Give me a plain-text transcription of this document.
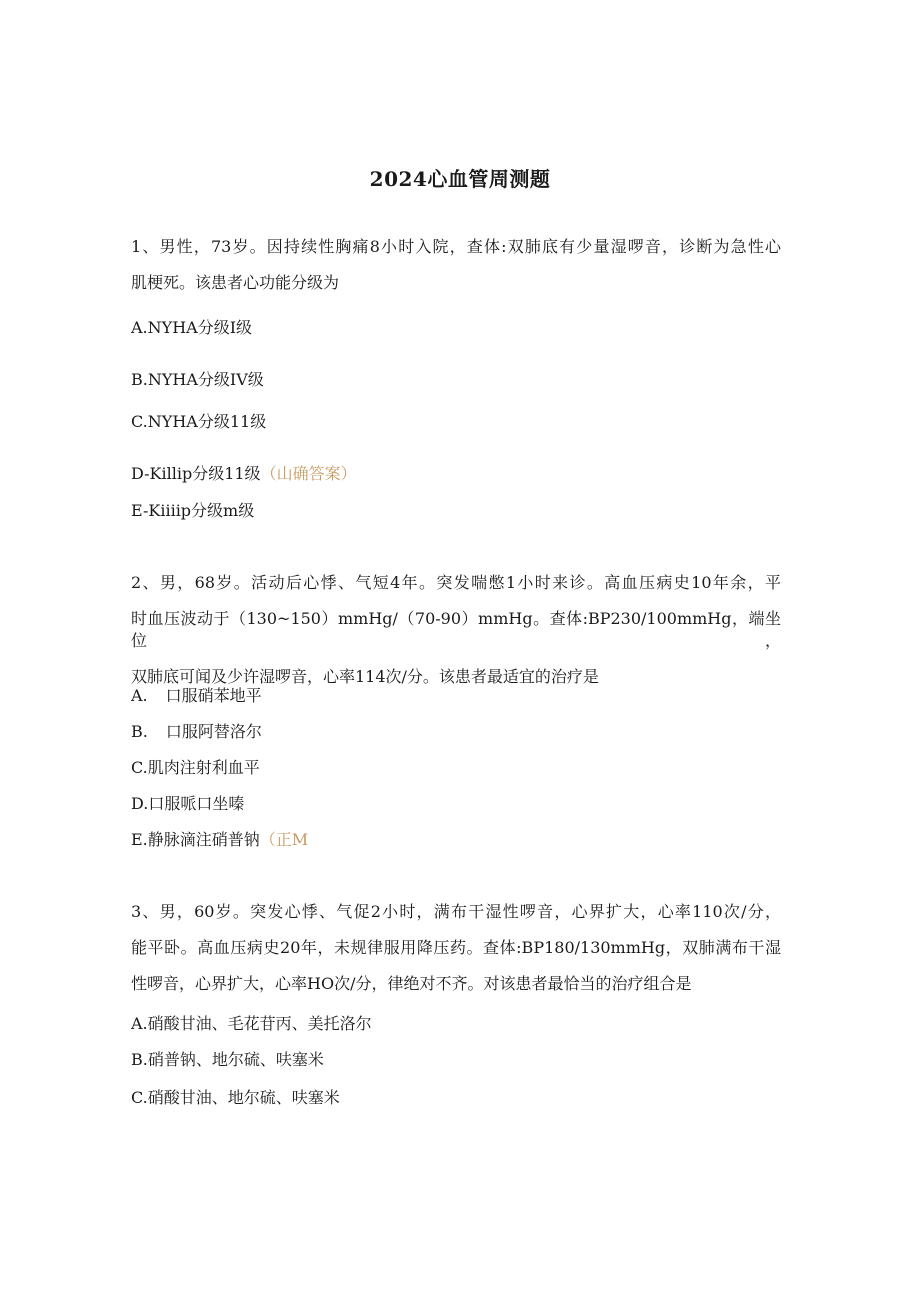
2024心血管周测题
1、男性，73岁。因持续性胸痛8小时入院，查体:双肺底有少量湿啰音，诊断为急性心
肌梗死。该患者心功能分级为
A.NYHA分级I级
B.NYHA分级IV级
C.NYHA分级11级
D-Killip分级11级（山确答案）
E-Kiiiip分级m级
2、男，68岁。活动后心悸、气短4年。突发喘憋1小时来诊。高血压病史10年余，平
时血压波动于（130~150）mmHg/（70-90）mmHg。查体:BP230/100mmHg，端坐位，
双肺底可闻及少许湿啰音，心率114次/分。该患者最适宜的治疗是
A. 口服硝苯地平
B. 口服阿替洛尔
C.肌肉注射利血平
D.口服哌口坐嗪
E.静脉滴注硝普钠（正M
3、男，60岁。突发心悸、气促2小时，满布干湿性啰音，心界扩大，心率110次/分，
能平卧。高血压病史20年，未规律服用降压药。查体:BP180∕130mmHg，双肺满布干湿
性啰音，心界扩大，心率HO次/分，律绝对不齐。对该患者最恰当的治疗组合是
A.硝酸甘油、毛花苷丙、美托洛尔
B.硝普钠、地尔硫、呋塞米
C.硝酸甘油、地尔硫、呋塞米
